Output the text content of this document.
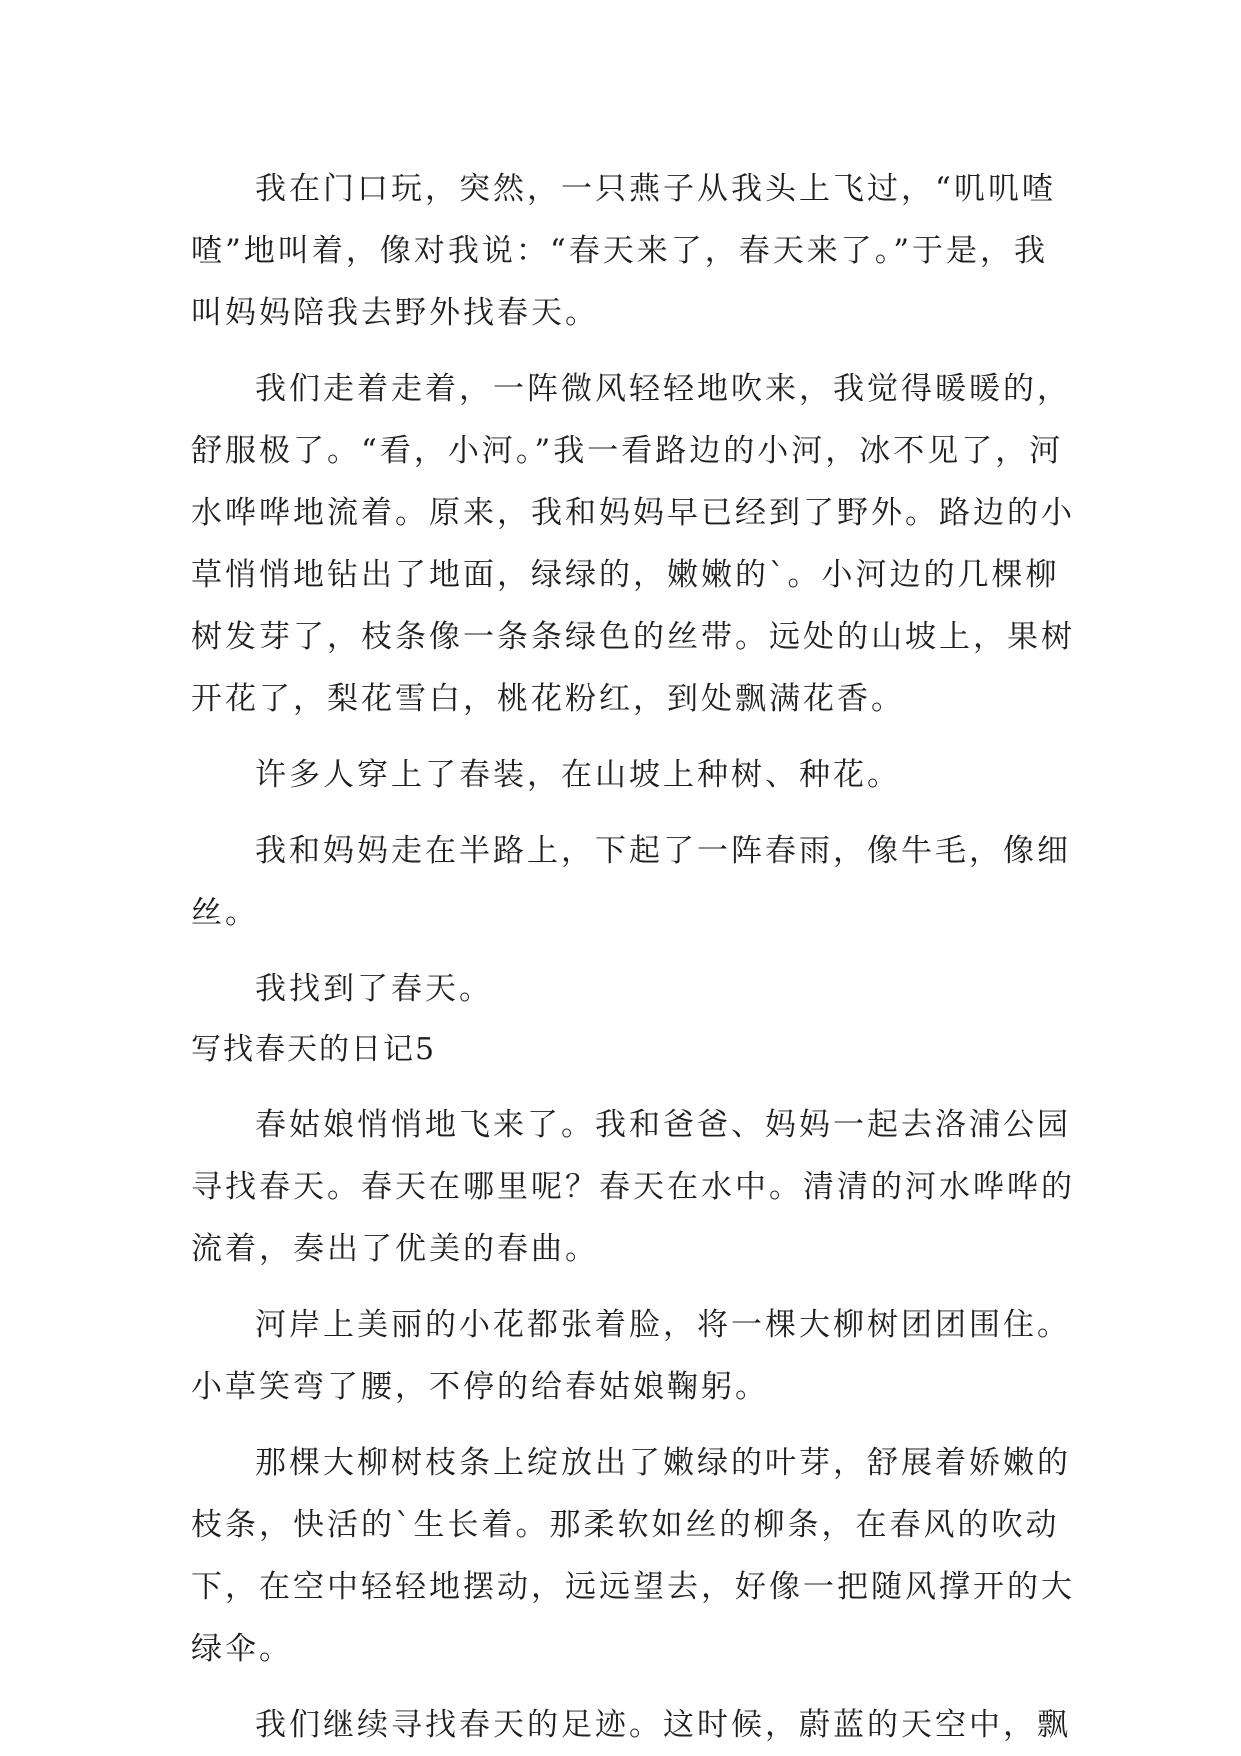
我在门口玩，突然，一只燕子从我头上飞过，“叽叽喳
喳”地叫着，像对我说：“春天来了，春天来了。”于是，我
叫妈妈陪我去野外找春天。
我们走着走着，一阵微风轻轻地吹来，我觉得暖暖的，
舒服极了。“看，小河。”我一看路边的小河，冰不见了，河
水哗哗地流着。原来，我和妈妈早已经到了野外。路边的小
草悄悄地钻出了地面，绿绿的，嫩嫩的`。小河边的几棵柳
树发芽了，枝条像一条条绿色的丝带。远处的山坡上，果树
开花了，梨花雪白，桃花粉红，到处飘满花香。
许多人穿上了春装，在山坡上种树、种花。
我和妈妈走在半路上，下起了一阵春雨，像牛毛，像细
丝。
我找到了春天。
写找春天的日记5
春姑娘悄悄地飞来了。我和爸爸、妈妈一起去洛浦公园
寻找春天。春天在哪里呢？春天在水中。清清的河水哗哗的
流着，奏出了优美的春曲。
河岸上美丽的小花都张着脸，将一棵大柳树团团围住。
小草笑弯了腰，不停的给春姑娘鞠躬。
那棵大柳树枝条上绽放出了嫩绿的叶芽，舒展着娇嫩的
枝条，快活的`生长着。那柔软如丝的柳条，在春风的吹动
下，在空中轻轻地摆动，远远望去，好像一把随风撑开的大
绿伞。
我们继续寻找春天的足迹。这时候，蔚蓝的天空中，飘
